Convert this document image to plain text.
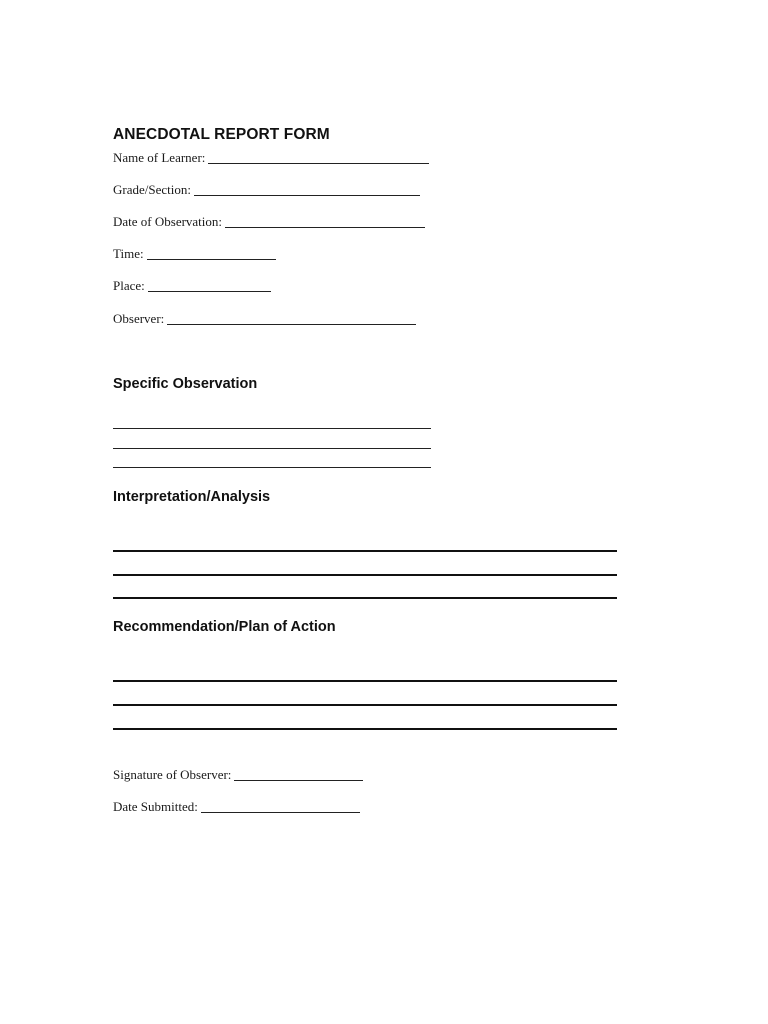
ANECDOTAL REPORT FORM
Name of Learner:
Grade/Section:
Date of Observation:
Time:
Place:
Observer:
Specific Observation
Interpretation/Analysis
Recommendation/Plan of Action
Signature of Observer:
Date Submitted:
